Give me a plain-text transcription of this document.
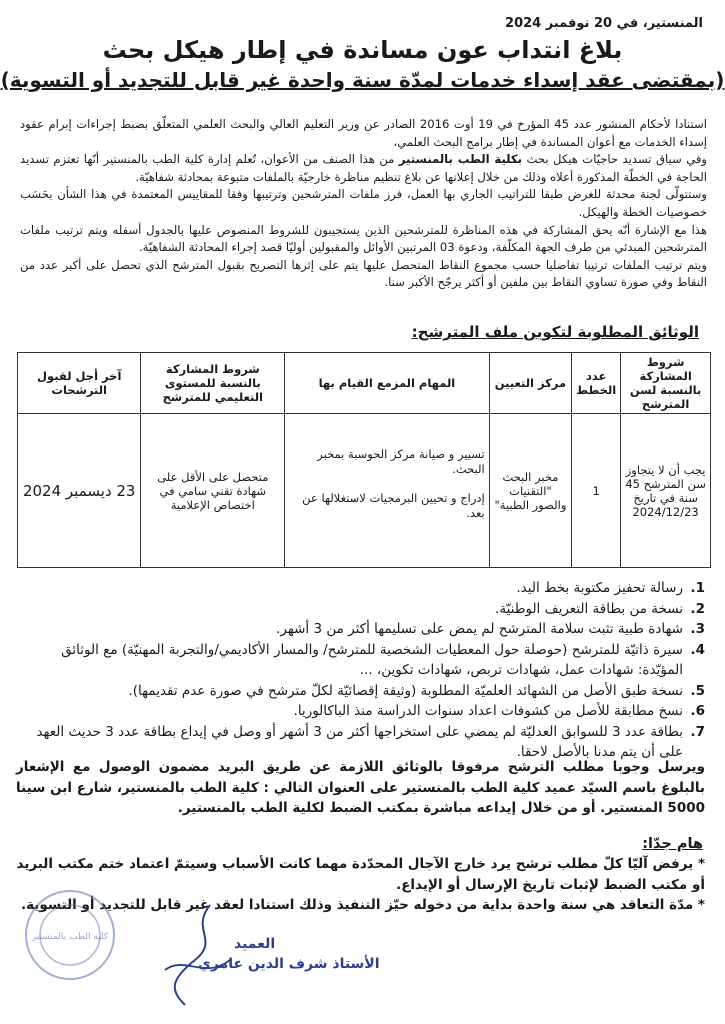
المنستير، في 20 نوفمبر 2024
بلاغ انتداب عون مساندة في إطار هيكل بحث
(بمقتضى عقد إسداء خدمات لمدّة سنة واحدة غير قابل للتجديد أو التسوية)

استنادا لأحكام المنشور عدد 45 المؤرخ في 19 أوت 2016 الصادر عن وزير التعليم العالي والبحث العلمي المتعلّق بضبط إجراءات إبرام عقود إسداء الخدمات مع أعوان المساندة في إطار برامج البحث العلمي،

وفي سياق تسديد حاجيّات هيكل بحث بكلية الطب بالمنستير من هذا الصنف من الأعوان، تُعلم إدارة كلية الطب بالمنستير أنّها تعتزم تسديد الحاجة في الخطّة المذكورة أعلاه وذلك من خلال إعلانها عن بلاغ تنظيم مناظرة خارجيّة بالملفات متبوعة بمحادثة شفاهيّة.

وستتولّى لجنة محدثة للغرض طبقا للتراتيب الجاري بها العمل، فرز ملفات المترشحين وترتيبها وفقا للمقاييس المعتمدة في هذا الشأن بحَسَب خصوصيات الخطة والهيكل.

هذا مع الإشارة أنّه يحق المشاركة في هذه المناظرة للمترشحين الذين يستجيبون للشروط المنصوص عليها بالجدول أسفله ويتم ترتيب ملفات المترشحين المبدئي من طرف الجهة المكلّفة، ودعوة 03 المرتبين الأوائل والمقبولين أوليّا قصد إجراء المحادثة الشفاهيّة.

ويتم ترتيب الملفات ترتيبا تفاضليا حسب مجموع النقاط المتحصل عليها يتم على إثرها التصريح بقبول المترشح الذي تحصل على أكبر عدد من النقاط وفي صورة تساوي النقاط بين ملفين أو أكثر يرجّح الأكبر سنا.

الوثائق المطلوبة لتكوين ملف المترشح:
شروط المشاركة بالنسبة لسن المترشح	عدد الخطط	مركز التعيين	المهام المزمع القيام بها	شروط المشاركة بالنسبة للمستوى التعليمي للمترشح	آخر أجل لقبول الترشحات
يجب أن لا يتجاوز سن المترشح 45 سنة في تاريخ 2024/12/23	1	مخبر البحث "التقنيات والصور الطبية"	تسيير و صيانة مركز الحوسبة بمخبر البحث.
إدراج و تحيين البرمجيات لاستغلالها عن بعد.	متحصل على الأقل على شهادة تقني سامي في اختصاص الإعلامية	23 ديسمبر 2024
1.
رسالة تحفيز مكتوبة بخط اليد.
2.
نسخة من بطاقة التعريف الوطنيّة.
3.
شهادة طبية تثبت سلامة المترشح لم يمض على تسليمها أكثر من 3 أشهر.
4.
سيرة ذاتيّة للمترشح (حوصلة حول المعطيات الشخصية للمترشح/ والمسار الأكاديمي/والتجربة المهنيّة) مع الوثائق المؤيّدة: شهادات عمل، شهادات تربص، شهادات تكوين، ...
5.
نسخة طبق الأصل من الشهائد العلميّة المطلوبة (وثيقة إقصائيّة لكلّ مترشح في صورة عدم تقديمها).
6.
نسخ مطابقة للأصل من كشوفات اعداد سنوات الدراسة منذ الباكالوريا.
7.
بطاقة عدد 3 للسوابق العدليّة لم يمضي على استخراجها أكثر من 3 أشهر أو وصل في إيداع بطاقة عدد 3 حديث العهد على أن يتم مدنا بالأصل لاحقا.
ويرسل وجوبا مطلب الترشح مرفوقا بالوثائق اللازمة عن طريق البريد مضمون الوصول مع الإشعار بالبلوغ باسم السيّد عميد كلية الطب بالمنستير على العنوان التالي : كلية الطب بالمنستير، شارع ابن سينا 5000 المنستير. أو من خلال إيداعه مباشرة بمكتب الضبط لكلية الطب بالمنستير.
هام جدّا:
* يرفض آليّا كلّ مطلب ترشح يرد خارج الآجال المحدّدة مهما كانت الأسباب وسيتمّ اعتماد ختم مكتب البريد أو مكتب الضبط لإثبات تاريخ الإرسال أو الإيداع.
* مدّة التعاقد هي سنة واحدة بداية من دخوله حيّز التنفيذ وذلك استنادا لعقد غير قابل للتجديد أو التسوية.
كلية الطب بالمنستير	العميد
الأستاذ شرف الدين عامري
